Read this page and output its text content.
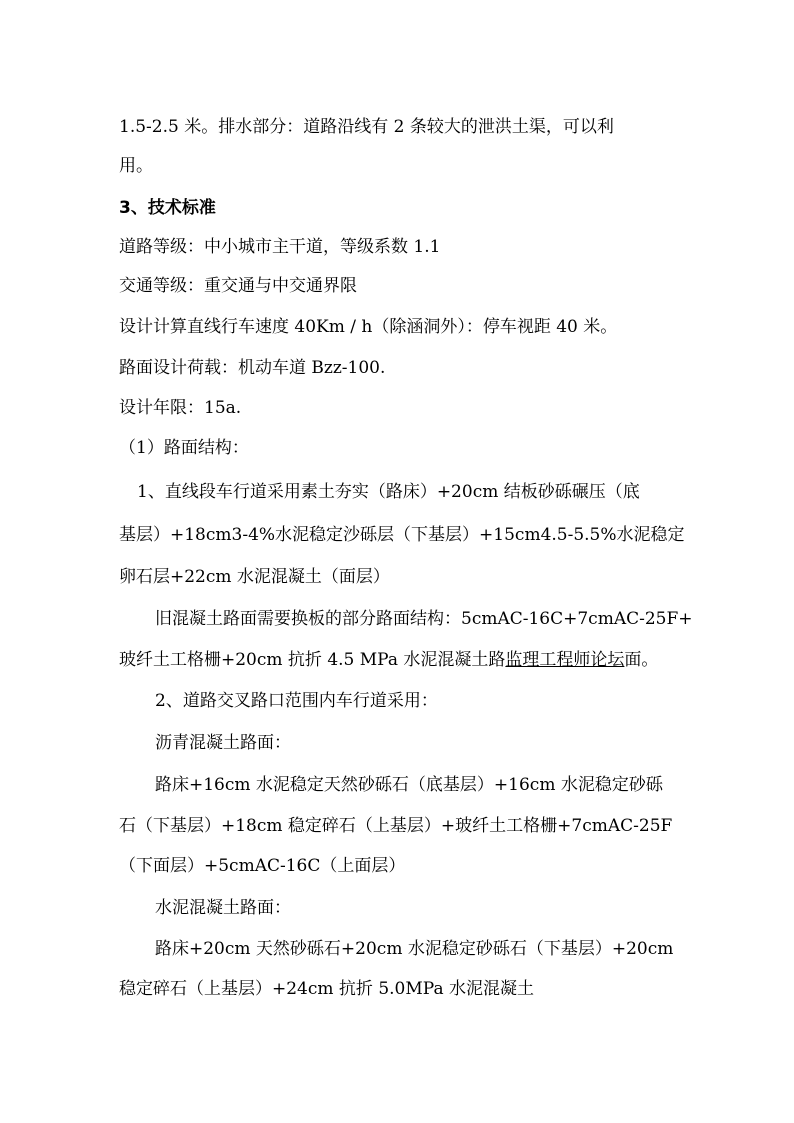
1.5-2.5 米。排水部分：道路沿线有 2 条较大的泄洪土渠，可以利
用。
3、技术标准
道路等级：中小城市主干道，等级系数 1.1
交通等级：重交通与中交通界限
设计计算直线行车速度 40Km / h（除涵洞外）：停车视距 40 米。
路面设计荷载：机动车道 Bzz-100.
设计年限：15a.
（1）路面结构：
1、直线段车行道采用素土夯实（路床）+20cm 结板砂砾碾压（底
基层）+18cm3-4%水泥稳定沙砾层（下基层）+15cm4.5-5.5%水泥稳定
卵石层+22cm 水泥混凝土（面层）
旧混凝土路面需要换板的部分路面结构：5cmAC-16C+7cmAC-25F+
玻纤土工格栅+20cm 抗折 4.5 MPa 水泥混凝土路监理工程师论坛面。
2、道路交叉路口范围内车行道采用：
沥青混凝土路面：
路床+16cm 水泥稳定天然砂砾石（底基层）+16cm 水泥稳定砂砾
石（下基层）+18cm 稳定碎石（上基层）+玻纤土工格栅+7cmAC-25F
（下面层）+5cmAC-16C（上面层）
水泥混凝土路面：
路床+20cm 天然砂砾石+20cm 水泥稳定砂砾石（下基层）+20cm
稳定碎石（上基层）+24cm 抗折 5.0MPa 水泥混凝土
